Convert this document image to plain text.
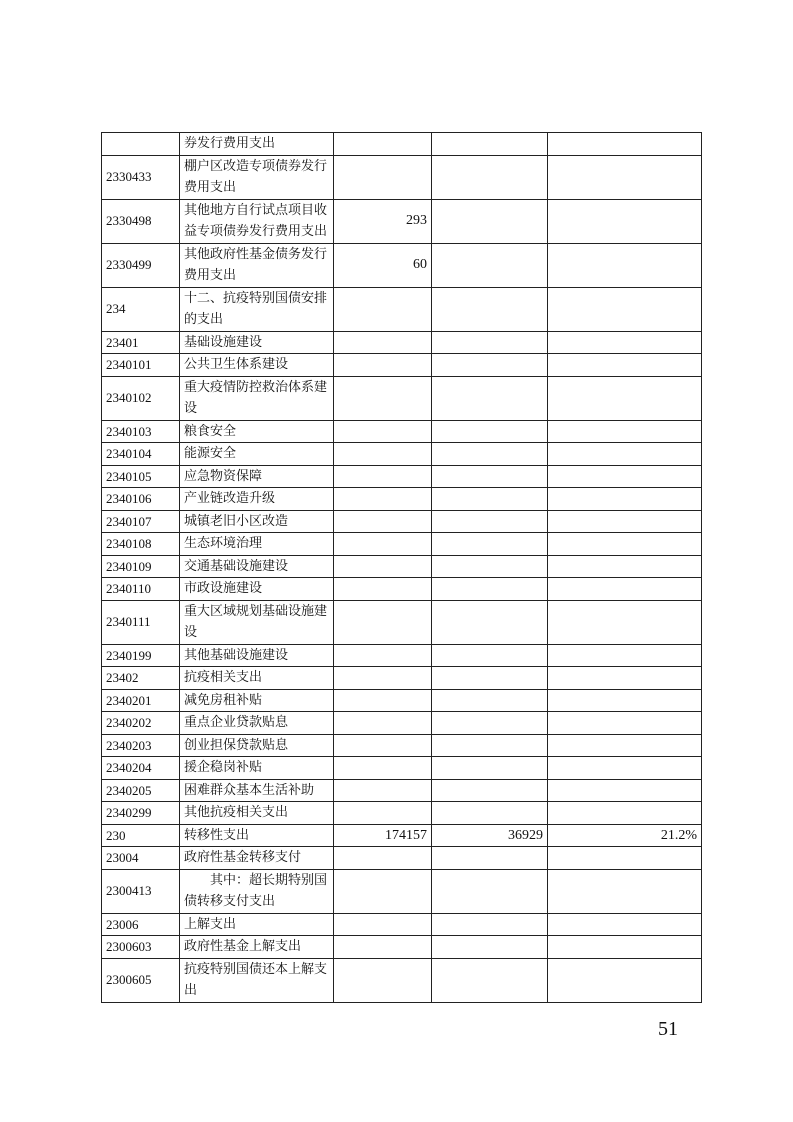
	券发行费用支出			
2330433	棚户区改造专项债券发行费用支出			
2330498	其他地方自行试点项目收益专项债券发行费用支出	293		
2330499	其他政府性基金债务发行费用支出	60		
234	十二、抗疫特别国债安排的支出			
23401	基础设施建设			
2340101	公共卫生体系建设			
2340102	重大疫情防控救治体系建设			
2340103	粮食安全			
2340104	能源安全			
2340105	应急物资保障			
2340106	产业链改造升级			
2340107	城镇老旧小区改造			
2340108	生态环境治理			
2340109	交通基础设施建设			
2340110	市政设施建设			
2340111	重大区域规划基础设施建设			
2340199	其他基础设施建设			
23402	抗疫相关支出			
2340201	减免房租补贴			
2340202	重点企业贷款贴息			
2340203	创业担保贷款贴息			
2340204	援企稳岗补贴			
2340205	困难群众基本生活补助			
2340299	其他抗疫相关支出			
230	转移性支出	174157	36929	21.2%
23004	政府性基金转移支付			
2300413	其中：超长期特别国债转移支付支出			
23006	上解支出			
2300603	政府性基金上解支出			
2300605	抗疫特别国债还本上解支出			
51
